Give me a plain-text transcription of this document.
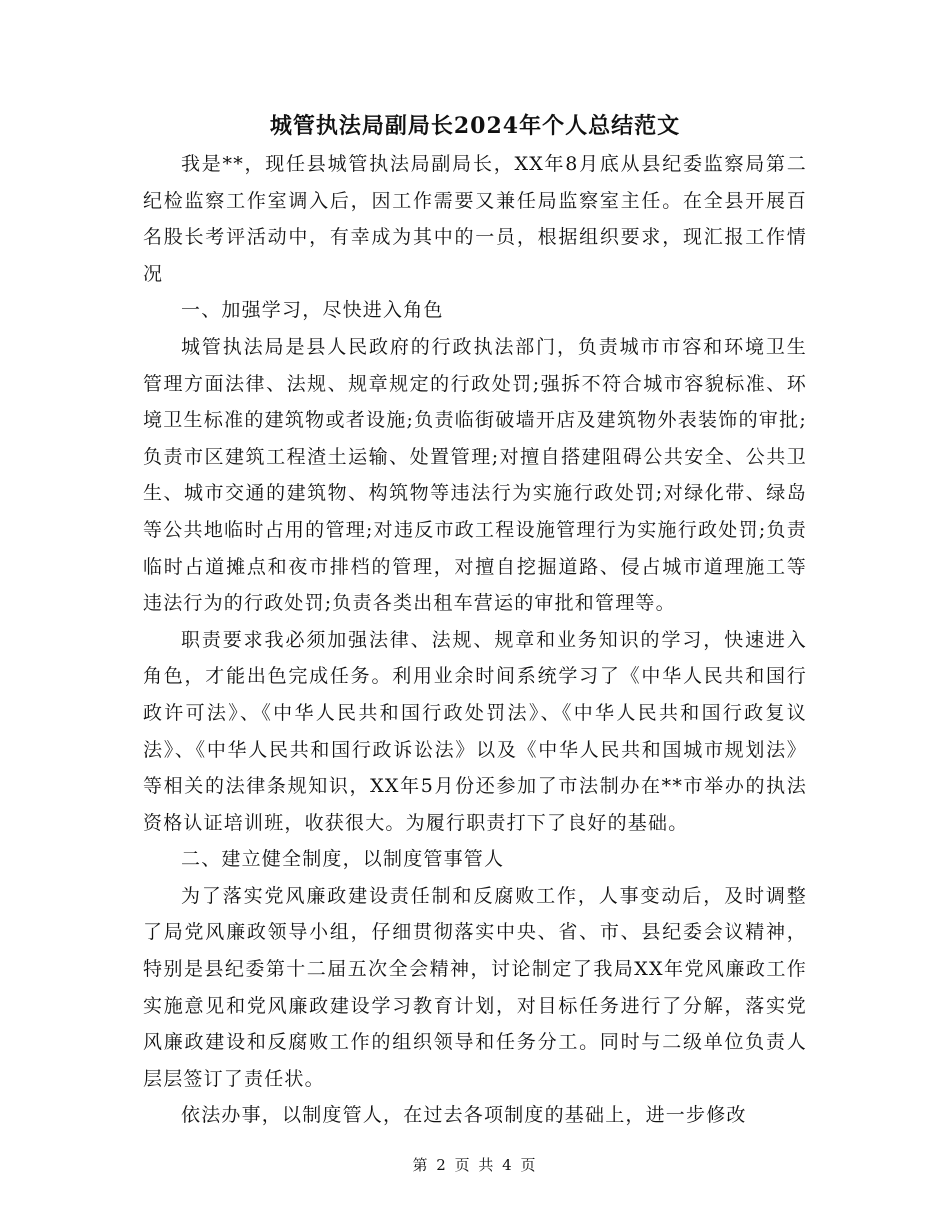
城管执法局副局长2024年个人总结范文

我是**，现任县城管执法局副局长，XX年8月底从县纪委监察局第二纪检监察工作室调入后，因工作需要又兼任局监察室主任。在全县开展百名股长考评活动中，有幸成为其中的一员，根据组织要求，现汇报工作情况

一、加强学习，尽快进入角色

城管执法局是县人民政府的行政执法部门，负责城市市容和环境卫生管理方面法律、法规、规章规定的行政处罚;强拆不符合城市容貌标准、环境卫生标准的建筑物或者设施;负责临街破墙开店及建筑物外表装饰的审批;负责市区建筑工程渣土运输、处置管理;对擅自搭建阻碍公共安全、公共卫生、城市交通的建筑物、构筑物等违法行为实施行政处罚;对绿化带、绿岛等公共地临时占用的管理;对违反市政工程设施管理行为实施行政处罚;负责临时占道摊点和夜市排档的管理，对擅自挖掘道路、侵占城市道理施工等违法行为的行政处罚;负责各类出租车营运的审批和管理等。

职责要求我必须加强法律、法规、规章和业务知识的学习，快速进入角色，才能出色完成任务。利用业余时间系统学习了《中华人民共和国行政许可法》、《中华人民共和国行政处罚法》、《中华人民共和国行政复议法》、《中华人民共和国行政诉讼法》以及《中华人民共和国城市规划法》等相关的法律条规知识，XX年5月份还参加了市法制办在**市举办的执法资格认证培训班，收获很大。为履行职责打下了良好的基础。

二、建立健全制度，以制度管事管人

为了落实党风廉政建设责任制和反腐败工作，人事变动后，及时调整了局党风廉政领导小组，仔细贯彻落实中央、省、市、县纪委会议精神，特别是县纪委第十二届五次全会精神，讨论制定了我局XX年党风廉政工作实施意见和党风廉政建设学习教育计划，对目标任务进行了分解，落实党风廉政建设和反腐败工作的组织领导和任务分工。同时与二级单位负责人层层签订了责任状。

依法办事，以制度管人，在过去各项制度的基础上，进一步修改

第 2 页 共 4 页
